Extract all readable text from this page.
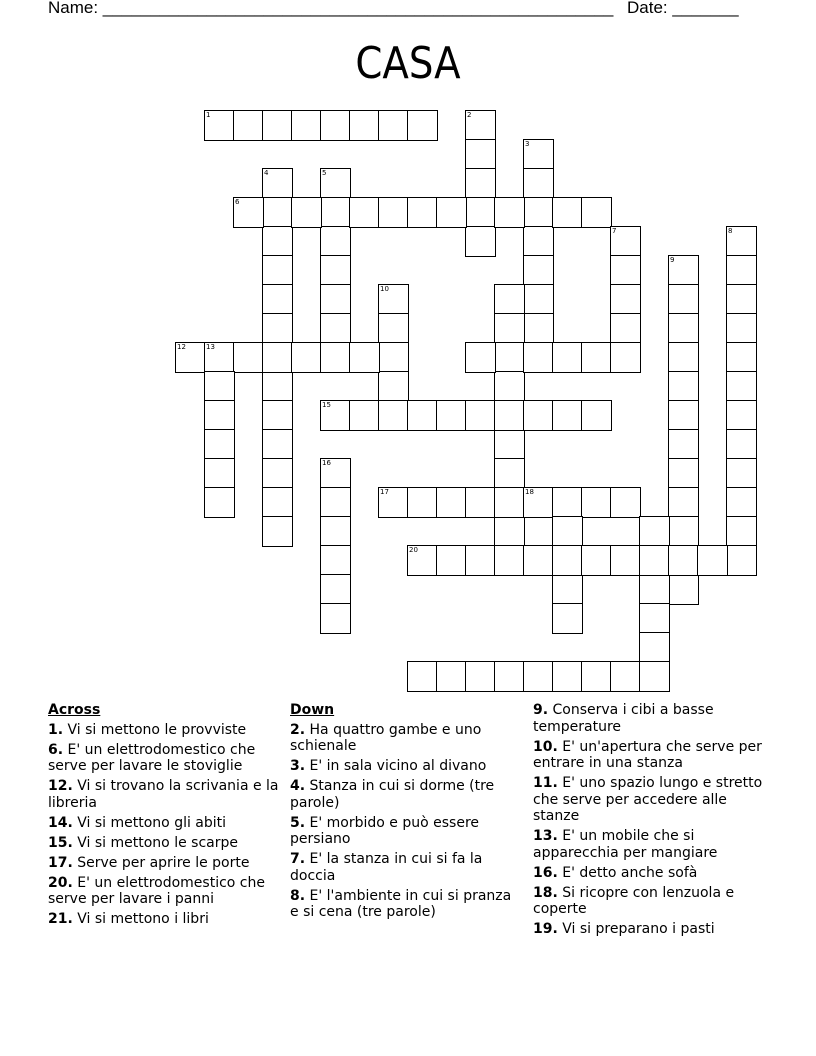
Name: ______________________________________________________ Date: _______
CASA
1	2
3
4	5
6
7	8
9
10
12	13
15
16
17	18
20
Across
1. Vi si mettono le provviste
6. E' un elettrodomestico che serve per lavare le stoviglie
12. Vi si trovano la scrivania e la libreria
14. Vi si mettono gli abiti
15. Vi si mettono le scarpe
17. Serve per aprire le porte
20. E' un elettrodomestico che serve per lavare i panni
21. Vi si mettono i libri
Down
2. Ha quattro gambe e uno schienale
3. E' in sala vicino al divano
4. Stanza in cui si dorme (tre parole)
5. E' morbido e può essere persiano
7. E' la stanza in cui si fa la doccia
8. E' l'ambiente in cui si pranza e si cena (tre parole)
9. Conserva i cibi a basse temperature
10. E' un'apertura che serve per entrare in una stanza
11. E' uno spazio lungo e stretto che serve per accedere alle stanze
13. E' un mobile che si apparecchia per mangiare
16. E' detto anche sofà
18. Si ricopre con lenzuola e coperte
19. Vi si preparano i pasti
